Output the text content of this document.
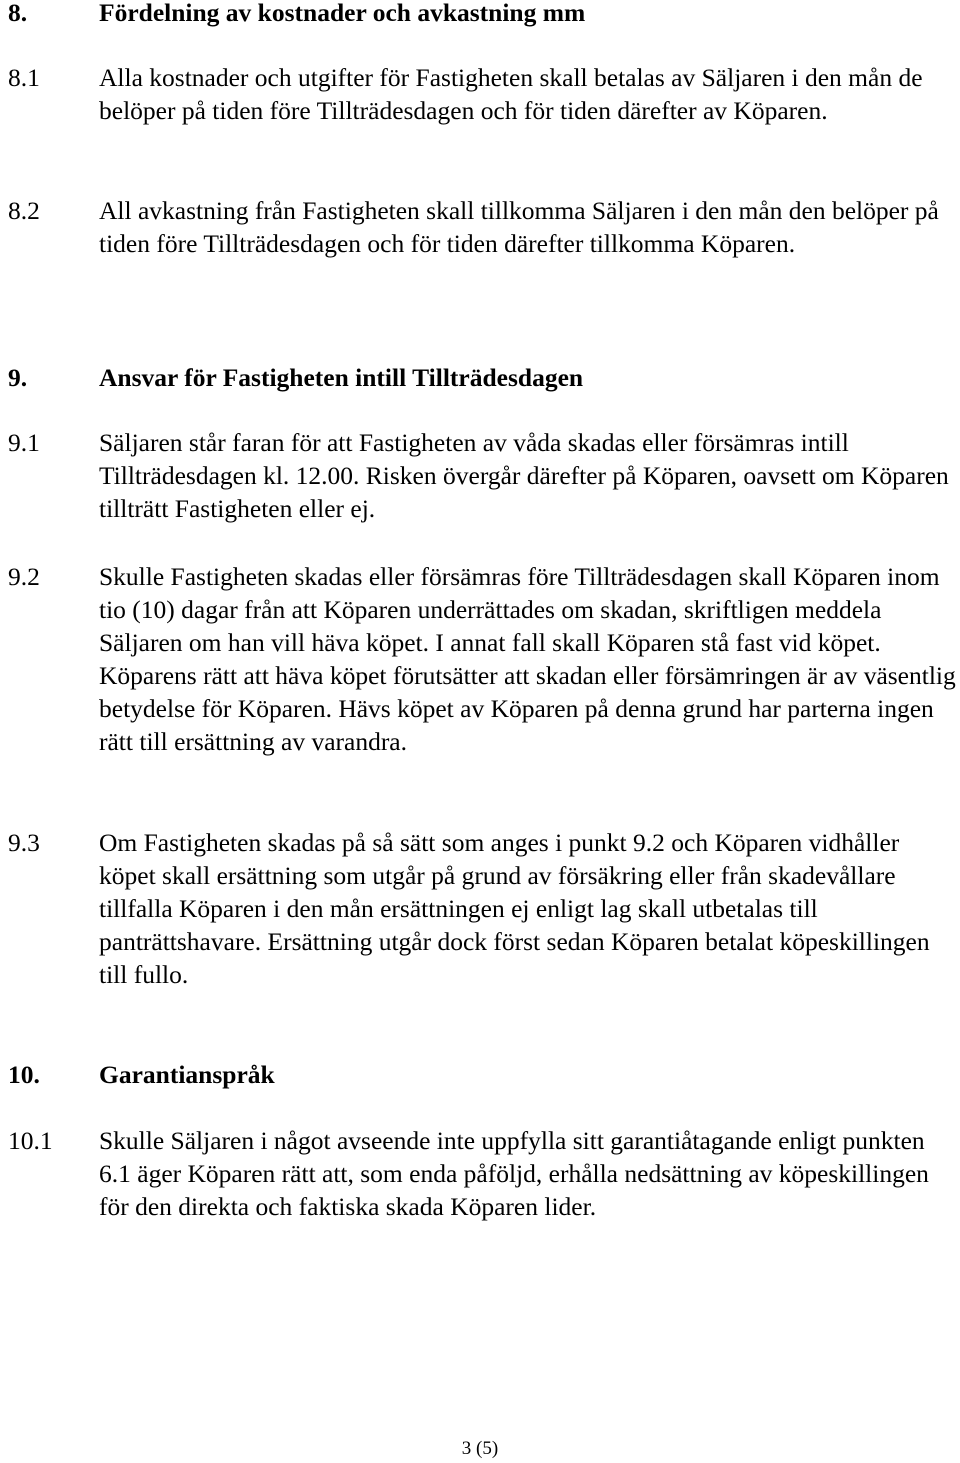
8.	Fördelning av kostnader och avkastning mm
8.1 Alla kostnader och utgifter för Fastigheten skall betalas av Säljaren i den mån de belöper på tiden före Tillträdesdagen och för tiden därefter av Köparen.
8.2 All avkastning från Fastigheten skall tillkomma Säljaren i den mån den belöper på tiden före Tillträdesdagen och för tiden därefter tillkomma Köparen.
9.	Ansvar för Fastigheten intill Tillträdesdagen
9.1 Säljaren står faran för att Fastigheten av våda skadas eller försämras intill Tillträdesdagen kl. 12.00. Risken övergår därefter på Köparen, oavsett om Köparen tillträtt Fastigheten eller ej.
9.2 Skulle Fastigheten skadas eller försämras före Tillträdesdagen skall Köparen inom tio (10) dagar från att Köparen underrättades om skadan, skriftligen meddela Säljaren om han vill häva köpet. I annat fall skall Köparen stå fast vid köpet. Köparens rätt att häva köpet förutsätter att skadan eller försämringen är av väsentlig betydelse för Köparen. Hävs köpet av Köparen på denna grund har parterna ingen rätt till ersättning av varandra.
9.3 Om Fastigheten skadas på så sätt som anges i punkt 9.2 och Köparen vidhåller köpet skall ersättning som utgår på grund av försäkring eller från skadevållare tillfalla Köparen i den mån ersättningen ej enligt lag skall utbetalas till panträttshavare. Ersättning utgår dock först sedan Köparen betalat köpeskillingen till fullo.
10. Garantianspråk
10.1 Skulle Säljaren i något avseende inte uppfylla sitt garantiåtagande enligt punkten 6.1 äger Köparen rätt att, som enda påföljd, erhålla nedsättning av köpeskillingen för den direkta och faktiska skada Köparen lider.
3 (5)
